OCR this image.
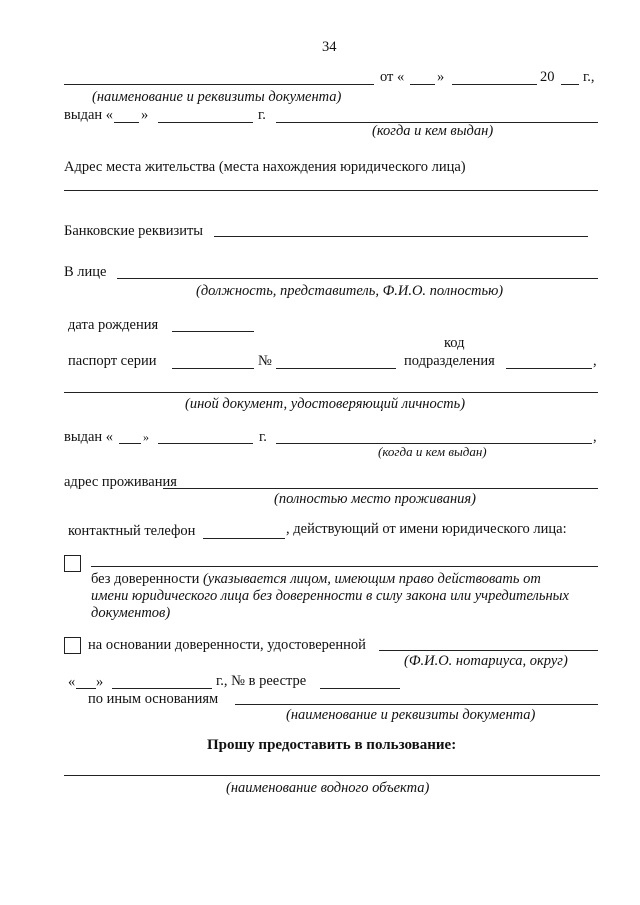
34
от « »	20 г.,
(наименование и реквизиты документа)
выдан « »	г.
(когда и кем выдан)
Адрес места жительства (места нахождения юридического лица)
Банковские реквизиты
В лице
(должность, представитель, Ф.И.О. полностью)
дата рождения
код
паспорт серии	№	подразделения	,
(иной документ, удостоверяющий личность)
выдан « »	г.	,
(когда и кем выдан)
адрес проживания
(полностью место проживания)
контактный телефон	, действующий от имени юридического лица:
без доверенности (указывается лицом, имеющим право действовать от
имени юридического лица без доверенности в силу закона или учредительных
документов)
на основании доверенности, удостоверенной
(Ф.И.О. нотариуса, округ)
« »	г., № в реестре
по иным основаниям
(наименование и реквизиты документа)
Прошу предоставить в пользование:
(наименование водного объекта)
